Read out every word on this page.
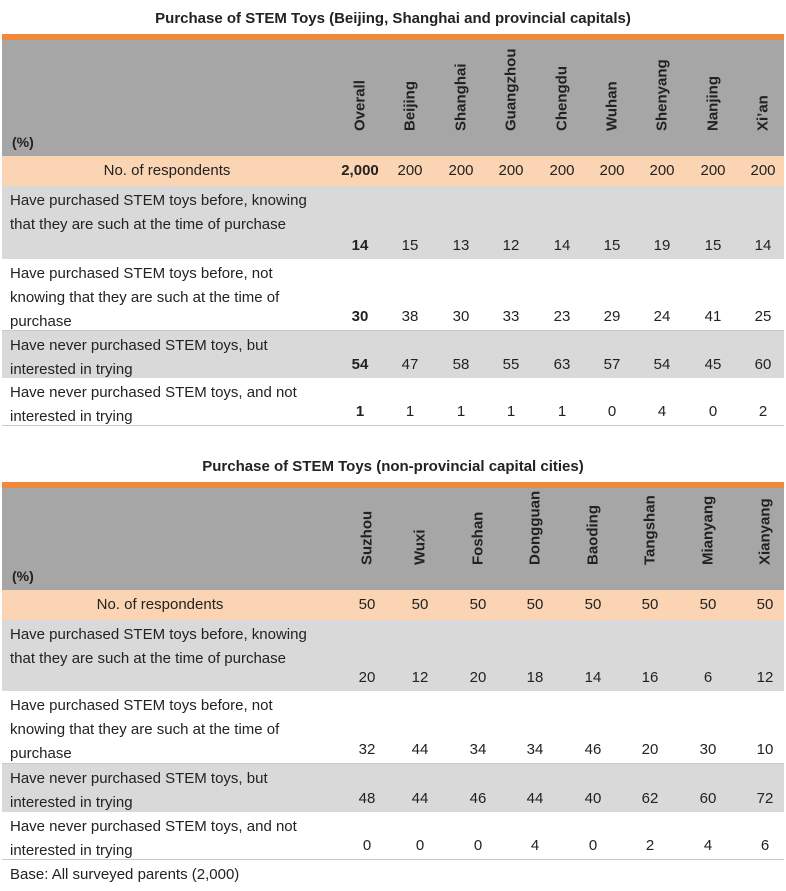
Purchase of STEM Toys (Beijing, Shanghai and provincial capitals)
(%)
Overall Beijing Shanghai Guangzhou Chengdu Wuhan Shenyang Nanjing Xi’an
No. of respondents	2,000	200	200	200	200	200	200	200	200
Have purchased STEM toys before, knowing that they are such at the time of purchase
14	15	13	12	14	15	19	15	14
Have purchased STEM toys before, not knowing that they are such at the time of purchase	30	38	30	33	23	29	24	41	25
Have never purchased STEM toys, but interested in trying	54	47	58	55	63	57	54	45	60
Have never purchased STEM toys, and not interested in trying	1	1	1	1	1	0	4	0	2
Purchase of STEM Toys (non-provincial capital cities)
(%)
Suzhou Wuxi	Foshan	Dongguan	Baoding	Tangshan	Mianyang	Xianyang
No. of respondents	50	50	50	50	50	50	50	50
Have purchased STEM toys before, knowing that they are such at the time of purchase
20	12	20	18	14	16	6	12
Have purchased STEM toys before, not knowing that they are such at the time of purchase	32	44	34	34	46	20	30	10
Have never purchased STEM toys, but interested in trying	48	44	46	44	40	62	60	72
Have never purchased STEM toys, and not interested in trying	0	0	0	4	0	2	4	6
Base: All surveyed parents (2,000)
